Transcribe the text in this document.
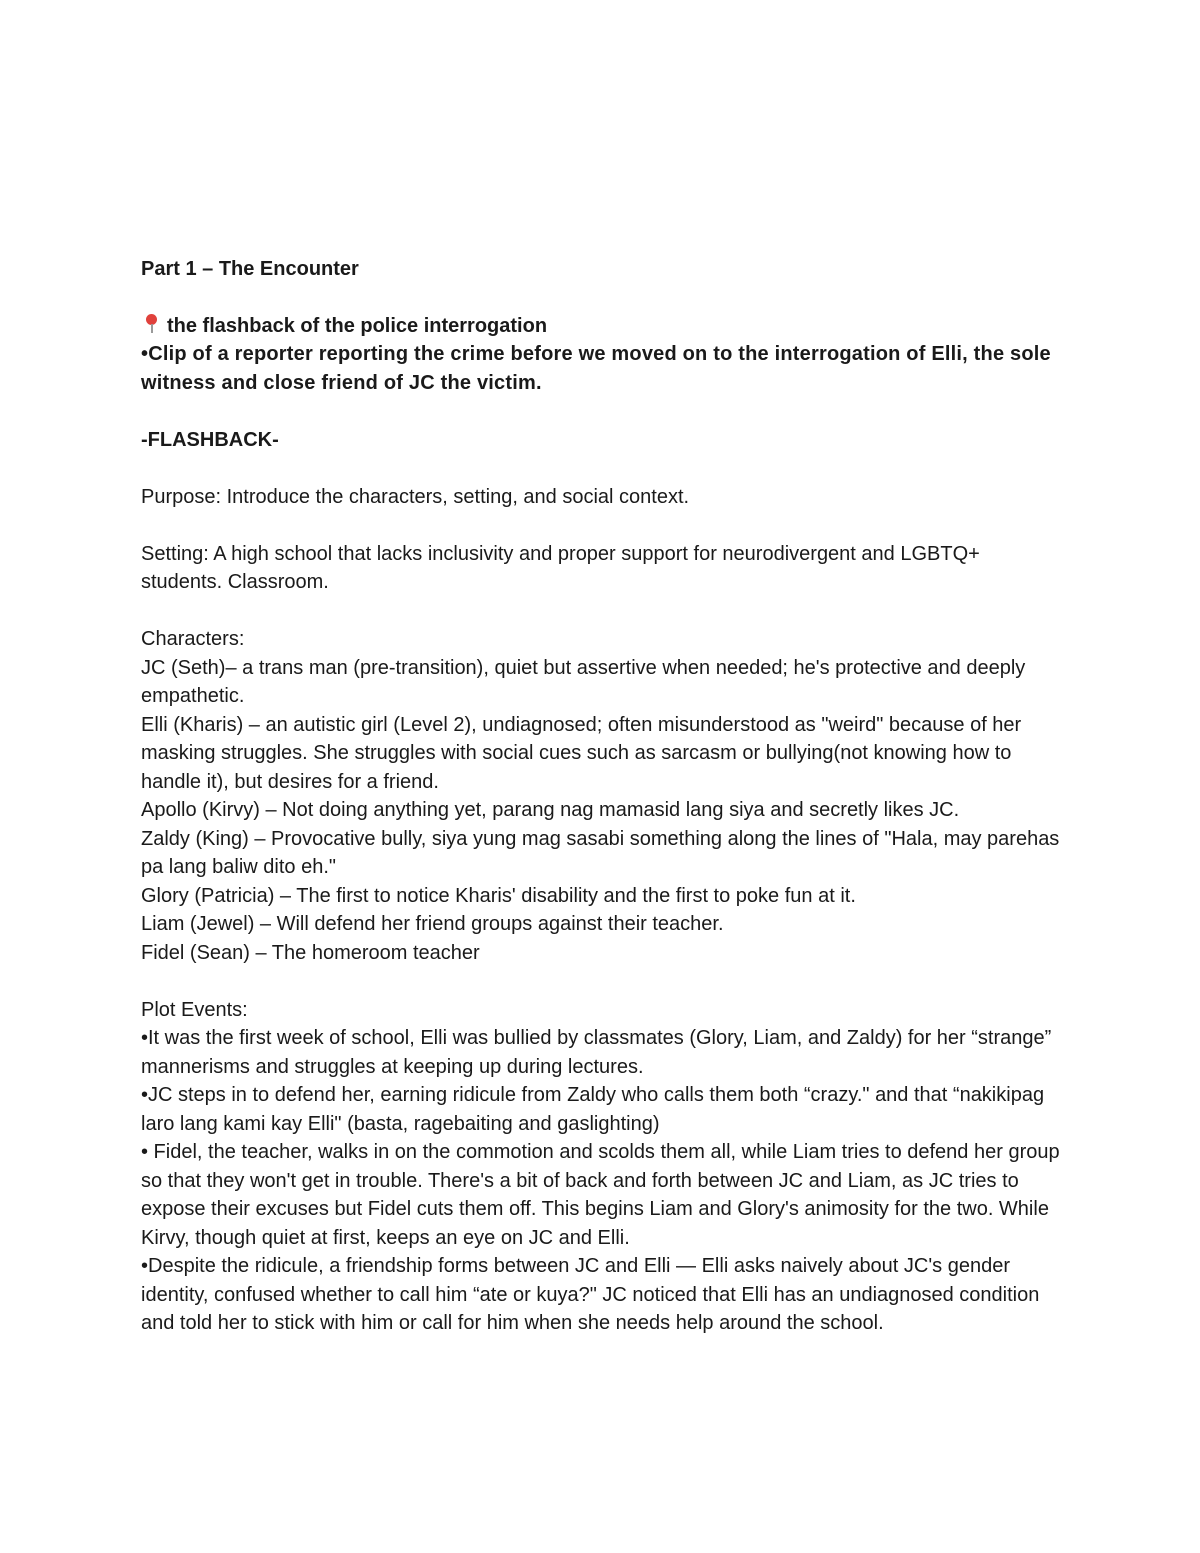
Part 1 – The Encounter

the flashback of the police interrogation

•Clip of a reporter reporting the crime before we moved on to the interrogation of Elli, the sole witness and close friend of JC the victim.

-FLASHBACK-

Purpose: Introduce the characters, setting, and social context.

Setting: A high school that lacks inclusivity and proper support for neurodivergent and LGBTQ+ students. Classroom.

Characters:

JC (Seth)– a trans man (pre-transition), quiet but assertive when needed; he's protective and deeply empathetic.

Elli (Kharis) – an autistic girl (Level 2), undiagnosed; often misunderstood as "weird" because of her masking struggles. She struggles with social cues such as sarcasm or bullying(not knowing how to handle it), but desires for a friend.

Apollo (Kirvy) – Not doing anything yet, parang nag mamasid lang siya and secretly likes JC.

Zaldy (King) – Provocative bully, siya yung mag sasabi something along the lines of "Hala, may parehas pa lang baliw dito eh."

Glory (Patricia) – The first to notice Kharis' disability and the first to poke fun at it.

Liam (Jewel) – Will defend her friend groups against their teacher.

Fidel (Sean) – The homeroom teacher

Plot Events:

•It was the first week of school, Elli was bullied by classmates (Glory, Liam, and Zaldy) for her “strange” mannerisms and struggles at keeping up during lectures.

•JC steps in to defend her, earning ridicule from Zaldy who calls them both “crazy." and that “nakikipag laro lang kami kay Elli" (basta, ragebaiting and gaslighting)

• Fidel, the teacher, walks in on the commotion and scolds them all, while Liam tries to defend her group so that they won't get in trouble. There's a bit of back and forth between JC and Liam, as JC tries to expose their excuses but Fidel cuts them off. This begins Liam and Glory's animosity for the two. While Kirvy, though quiet at first, keeps an eye on JC and Elli.

•Despite the ridicule, a friendship forms between JC and Elli — Elli asks naively about JC's gender identity, confused whether to call him “ate or kuya?" JC noticed that Elli has an undiagnosed condition and told her to stick with him or call for him when she needs help around the school.
